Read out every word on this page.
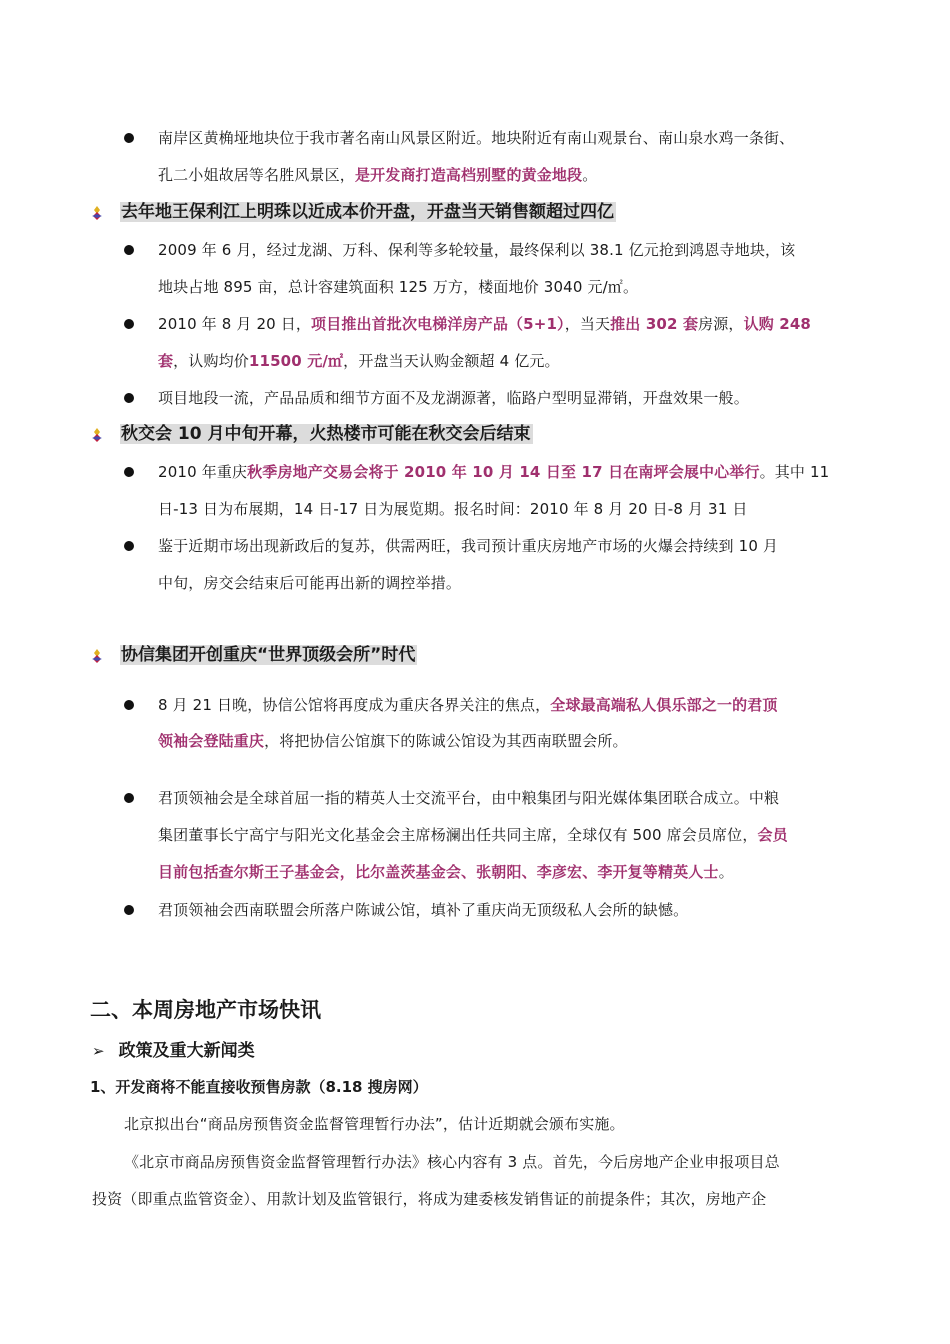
南岸区黄桷垭地块位于我市著名南山风景区附近。地块附近有南山观景台、南山泉水鸡一条街、
孔二小姐故居等名胜风景区，是开发商打造高档别墅的黄金地段。
去年地王保利江上明珠以近成本价开盘，开盘当天销售额超过四亿
2009 年 6 月，经过龙湖、万科、保利等多轮较量，最终保利以 38.1 亿元抢到鸿恩寺地块，该
地块占地 895 亩，总计容建筑面积 125 万方，楼面地价 3040 元/㎡。
2010 年 8 月 20 日，项目推出首批次电梯洋房产品（5+1），当天推出 302 套房源，认购 248
套，认购均价11500 元/㎡，开盘当天认购金额超 4 亿元。
项目地段一流，产品品质和细节方面不及龙湖源著，临路户型明显滞销，开盘效果一般。
秋交会 10 月中旬开幕，火热楼市可能在秋交会后结束
2010 年重庆秋季房地产交易会将于 2010 年 10 月 14 日至 17 日在南坪会展中心举行。其中 11
日-13 日为布展期，14 日-17 日为展览期。报名时间：2010 年 8 月 20 日-8 月 31 日
鉴于近期市场出现新政后的复苏，供需两旺，我司预计重庆房地产市场的火爆会持续到 10 月
中旬，房交会结束后可能再出新的调控举措。
协信集团开创重庆“世界顶级会所”时代
8 月 21 日晚，协信公馆将再度成为重庆各界关注的焦点，全球最高端私人俱乐部之一的君顶
领袖会登陆重庆，将把协信公馆旗下的陈诚公馆设为其西南联盟会所。
君顶领袖会是全球首屈一指的精英人士交流平台，由中粮集团与阳光媒体集团联合成立。中粮
集团董事长宁高宁与阳光文化基金会主席杨澜出任共同主席，全球仅有 500 席会员席位，会员
目前包括查尔斯王子基金会，比尔盖茨基金会、张朝阳、李彦宏、李开复等精英人士。
君顶领袖会西南联盟会所落户陈诚公馆，填补了重庆尚无顶级私人会所的缺憾。
二、本周房地产市场快讯
➢ 政策及重大新闻类
1、开发商将不能直接收预售房款（8.18 搜房网）
北京拟出台“商品房预售资金监督管理暂行办法”，估计近期就会颁布实施。
《北京市商品房预售资金监督管理暂行办法》核心内容有 3 点。首先，今后房地产企业申报项目总
投资（即重点监管资金）、用款计划及监管银行，将成为建委核发销售证的前提条件；其次，房地产企
